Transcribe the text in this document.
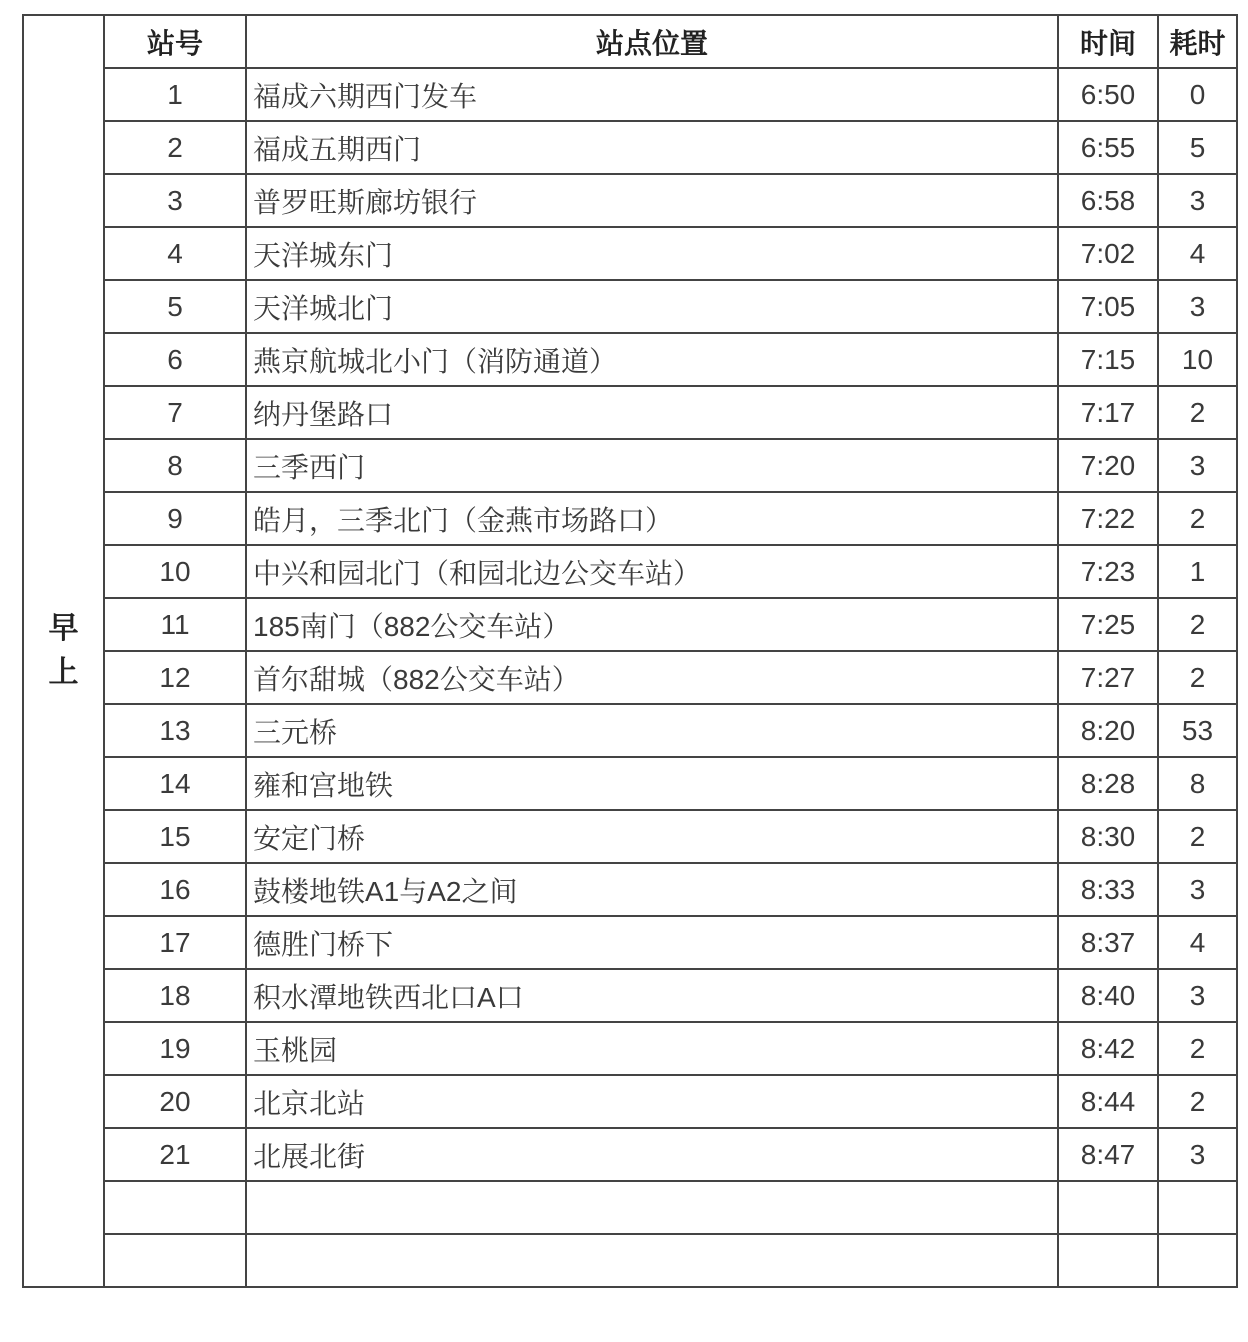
早
上	站号	站点位置	时间	耗时
	1	福成六期西门发车	6:50	0
	2	福成五期西门	6:55	5
	3	普罗旺斯廊坊银行	6:58	3
	4	天洋城东门	7:02	4
	5	天洋城北门	7:05	3
	6	燕京航城北小门（消防通道）	7:15	10
	7	纳丹堡路口	7:17	2
	8	三季西门	7:20	3
	9	皓月，三季北门（金燕市场路口）	7:22	2
	10	中兴和园北门（和园北边公交车站）	7:23	1
	11	185南门（882公交车站）	7:25	2
	12	首尔甜城（882公交车站）	7:27	2
	13	三元桥	8:20	53
	14	雍和宫地铁	8:28	8
	15	安定门桥	8:30	2
	16	鼓楼地铁A1与A2之间	8:33	3
	17	德胜门桥下	8:37	4
	18	积水潭地铁西北口A口	8:40	3
	19	玉桃园	8:42	2
	20	北京北站	8:44	2
	21	北展北街	8:47	3
